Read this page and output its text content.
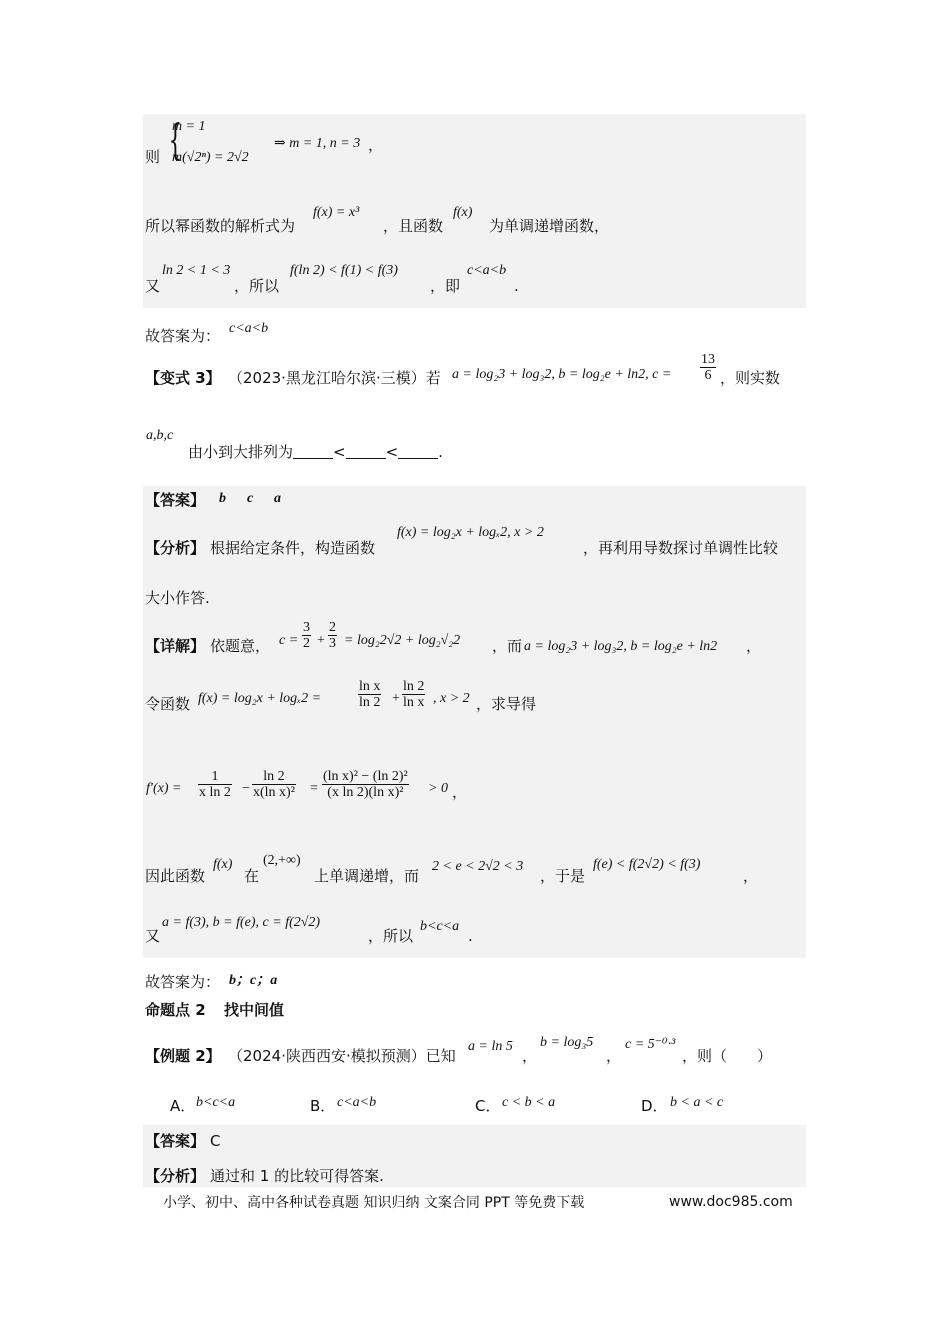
则 {
m = 1
m(√2ⁿ) = 2√2
⇒ m = 1, n = 3 ，
所以幂函数的解析式为
f(x) = x³
，且函数
f(x)
为单调递增函数，
又
ln 2 < 1 < 3
，所以
f(ln 2) < f(1) < f(3)
，即
c<a<b
.
故答案为： c<a<b
【变式 3】 （2023·黑龙江哈尔滨·三模）若 a = log₂3 + log₃2, b = log₂e + ln2, $c = \frac{13}{6}$ ，则实数
a,b,c
由小到大排列为	<	<	.
【答案】 b c a
【分析】 根据给定条件，构造函数
f(x) = log₂x + logₓ2, x > 2
，再利用导数探讨单调性比较
大小作答.
【详解】 依题意， $c = \frac{3}{2} + \frac{2}{3} = \log_22√2 + \log_2√_22$ ，而 a = log₂3 + log₃2, b = log₂e + ln2 ，
令函数 f(x) = log₂x + logₓ2 =	$\frac{\text{ln x}}{\ln 2} + \frac{\ln 2}{\text{ln x}}$ , x > 2 ，求导得
$f'(x) = \frac{1}{\text{x ln 2}} - \frac{\ln 2}{\text{x(ln x)²}} = \frac{\text{(ln x)² − (ln 2)²}}{\text{(x ln 2)(ln x)²}} > 0$ ，
因此函数
f(x)
在
(2,+∞)
上单调递增，而
2 < e < 2√2 < 3
，于是
f(e) < f(2√2) < f(3)
，
又
a = f(3), b = f(e), c = f(2√2)
，所以
b<c<a
.
故答案为： b；c；a
命题点 2 找中间值
【例题 2】 （2024·陕西西安·模拟预测）已知
a = ln 5
，
b = log₃5
，
c = 5⁻⁰·³
，则（　　）
A． b<c<a	B． c<a<b	C． c < b < a	D． b < a < c
【答案】 C
【分析】 通过和 1 的比较可得答案.
小学、初中、高中各种试卷真题 知识归纳 文案合同 PPT 等免费下载	www.doc985.com
